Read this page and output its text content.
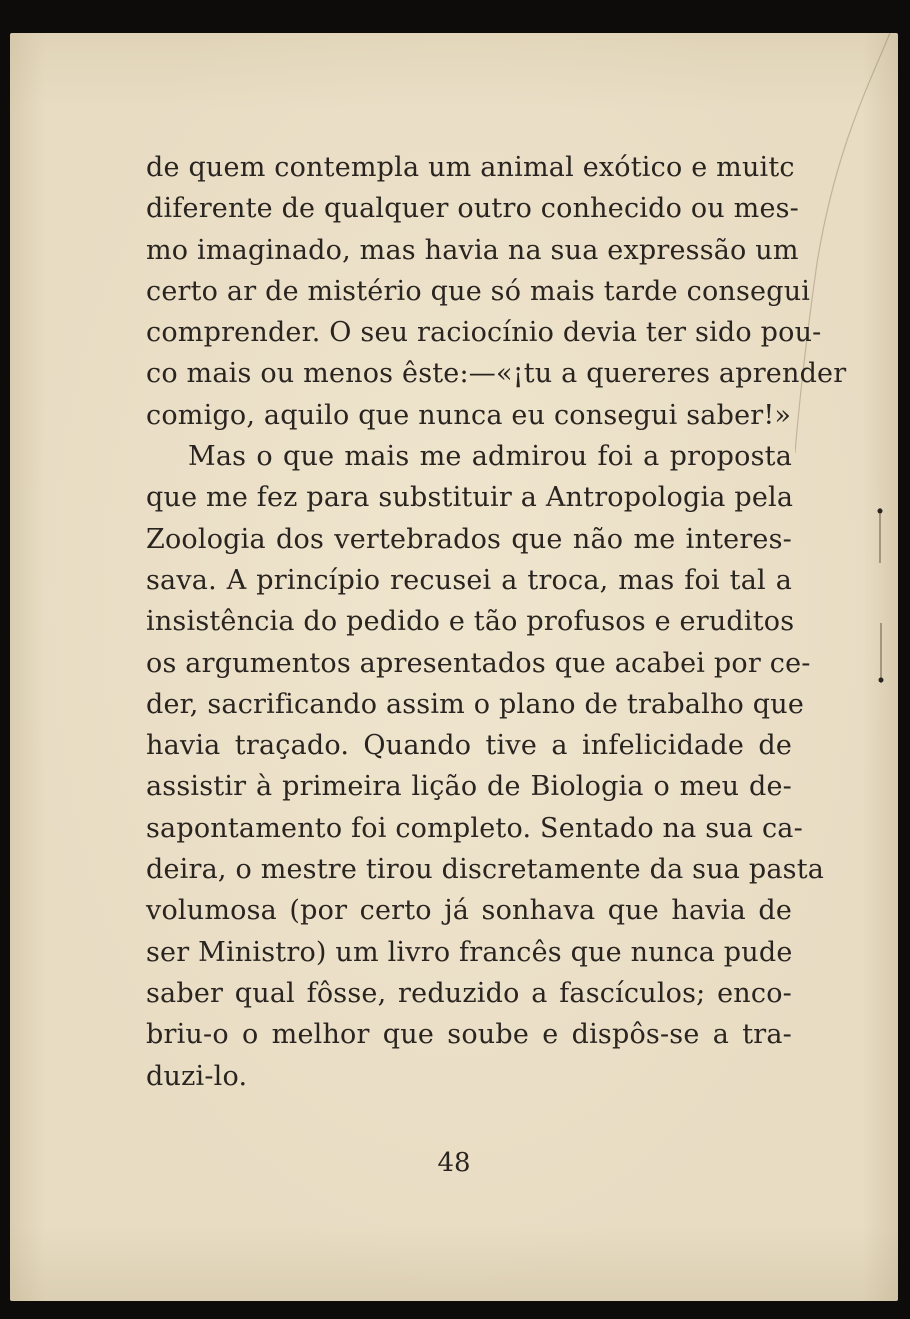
de quem contempla um animal exótico e muitc
diferente de qualquer outro conhecido ou mes-
mo imaginado, mas havia na sua expressão um
certo ar de mistério que só mais tarde consegui
comprender. O seu raciocínio devia ter sido pou-
co mais ou menos êste:—«¡tu a quereres aprender
comigo, aquilo que nunca eu consegui saber!»
Mas o que mais me admirou foi a proposta
que me fez para substituir a Antropologia pela
Zoologia dos vertebrados que não me interes-
sava. A princípio recusei a troca, mas foi tal a
insistência do pedido e tão profusos e eruditos
os argumentos apresentados que acabei por ce-
der, sacrificando assim o plano de trabalho que
havia traçado. Quando tive a infelicidade de
assistir à primeira lição de Biologia o meu de-
sapontamento foi completo. Sentado na sua ca-
deira, o mestre tirou discretamente da sua pasta
volumosa (por certo já sonhava que havia de
ser Ministro) um livro francês que nunca pude
saber qual fôsse, reduzido a fascículos; enco-
briu-o o melhor que soube e dispôs-se a tra-
duzi-lo.
48
